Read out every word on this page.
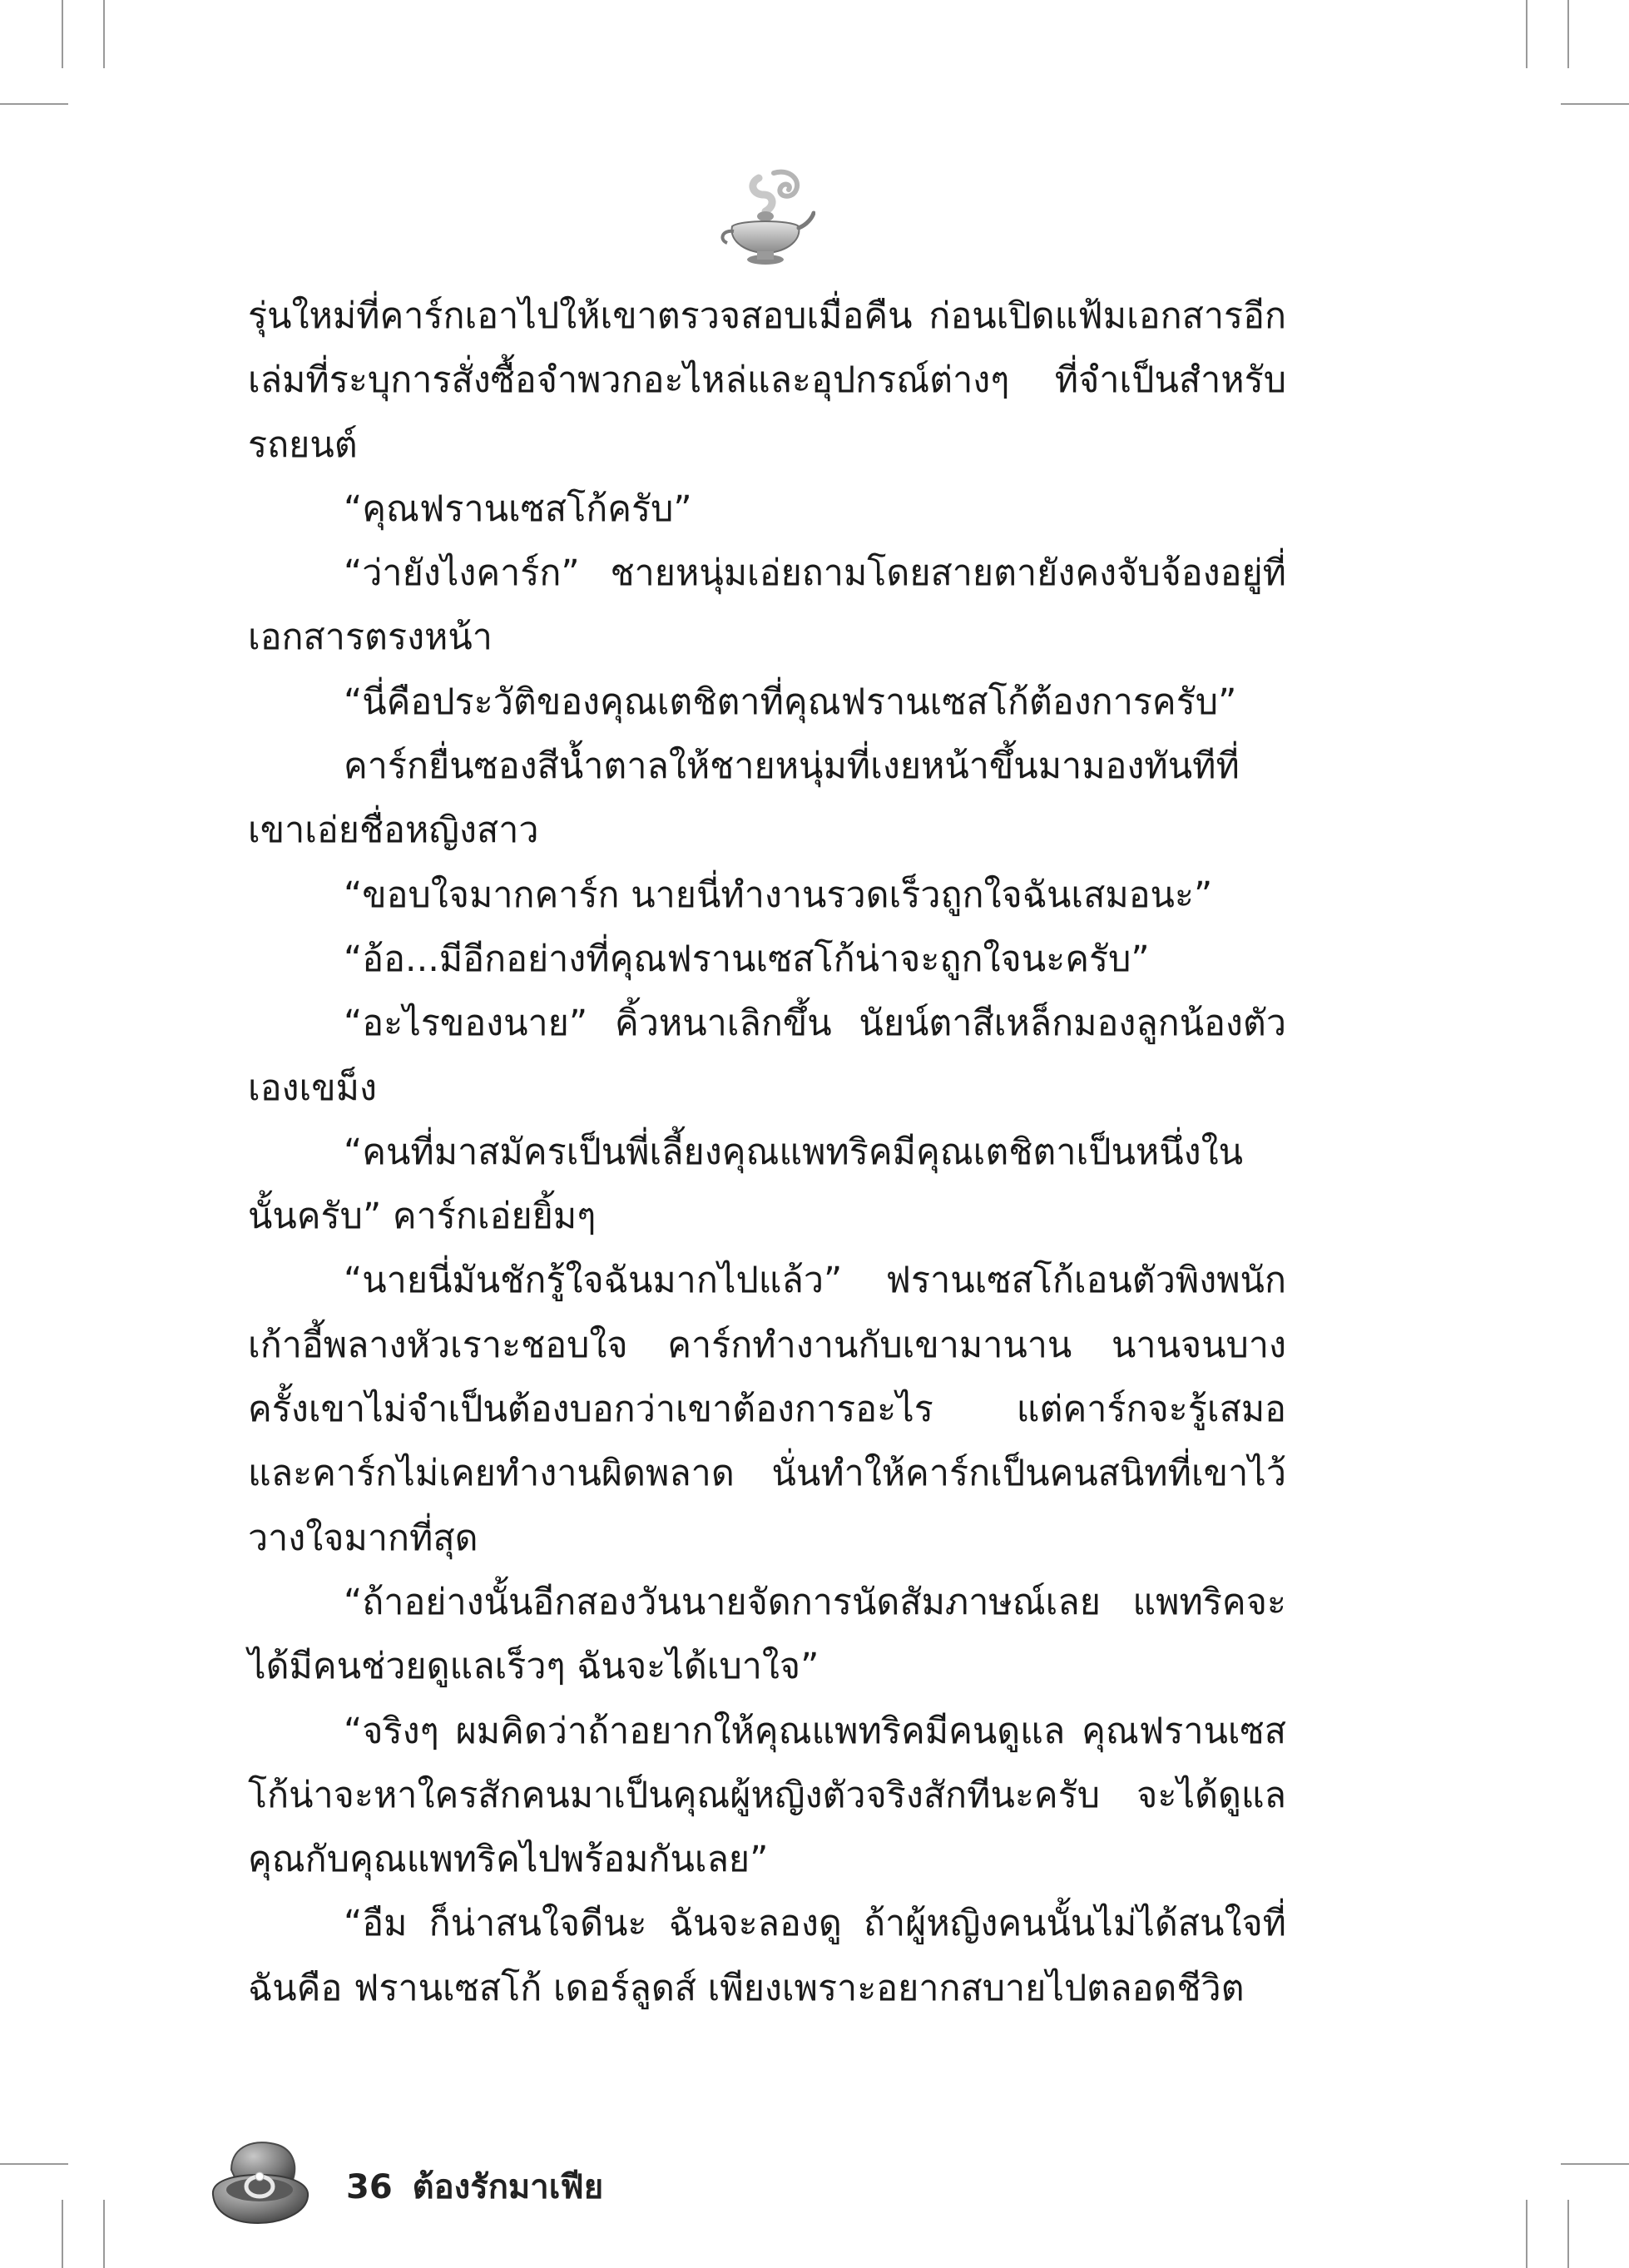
รุ่นใหม่ที่คาร์กเอาไปให้เขาตรวจสอบเมื่อคืน ก่อนเปิดแฟ้มเอกสารอีกเล่มที่ระบุการสั่งซื้อจำพวกอะไหล่และอุปกรณ์ต่างๆ ที่จำเป็นสำหรับรถยนต์

“คุณฟรานเซสโก้ครับ”

“ว่ายังไงคาร์ก” ชายหนุ่มเอ่ยถามโดยสายตายังคงจับจ้องอยู่ที่เอกสารตรงหน้า

“นี่คือประวัติของคุณเตชิตาที่คุณฟรานเซสโก้ต้องการครับ”

คาร์กยื่นซองสีน้ำตาลให้ชายหนุ่มที่เงยหน้าขึ้นมามองทันทีที่เขาเอ่ยชื่อหญิงสาว

“ขอบใจมากคาร์ก นายนี่ทำงานรวดเร็วถูกใจฉันเสมอนะ”

“อ้อ...มีอีกอย่างที่คุณฟรานเซสโก้น่าจะถูกใจนะครับ”

“อะไรของนาย” คิ้วหนาเลิกขึ้น นัยน์ตาสีเหล็กมองลูกน้องตัวเองเขม็ง

“คนที่มาสมัครเป็นพี่เลี้ยงคุณแพทริคมีคุณเตชิตาเป็นหนึ่งในนั้นครับ” คาร์กเอ่ยยิ้มๆ

“นายนี่มันชักรู้ใจฉันมากไปแล้ว” ฟรานเซสโก้เอนตัวพิงพนักเก้าอี้พลางหัวเราะชอบใจ คาร์กทำงานกับเขามานาน นานจนบางครั้งเขาไม่จำเป็นต้องบอกว่าเขาต้องการอะไร แต่คาร์กจะรู้เสมอ และคาร์กไม่เคยทำงานผิดพลาด นั่นทำให้คาร์กเป็นคนสนิทที่เขาไว้วางใจมากที่สุด

“ถ้าอย่างนั้นอีกสองวันนายจัดการนัดสัมภาษณ์เลย แพทริคจะได้มีคนช่วยดูแลเร็วๆ ฉันจะได้เบาใจ”

“จริงๆ ผมคิดว่าถ้าอยากให้คุณแพทริคมีคนดูแล คุณฟรานเซสโก้น่าจะหาใครสักคนมาเป็นคุณผู้หญิงตัวจริงสักทีนะครับ จะได้ดูแลคุณกับคุณแพทริคไปพร้อมกันเลย”

“อืม ก็น่าสนใจดีนะ ฉันจะลองดู ถ้าผู้หญิงคนนั้นไม่ได้สนใจที่ฉันคือ ฟรานเซสโก้ เดอร์ลูดส์ เพียงเพราะอยากสบายไปตลอดชีวิต

36 ต้องรักมาเฟีย
